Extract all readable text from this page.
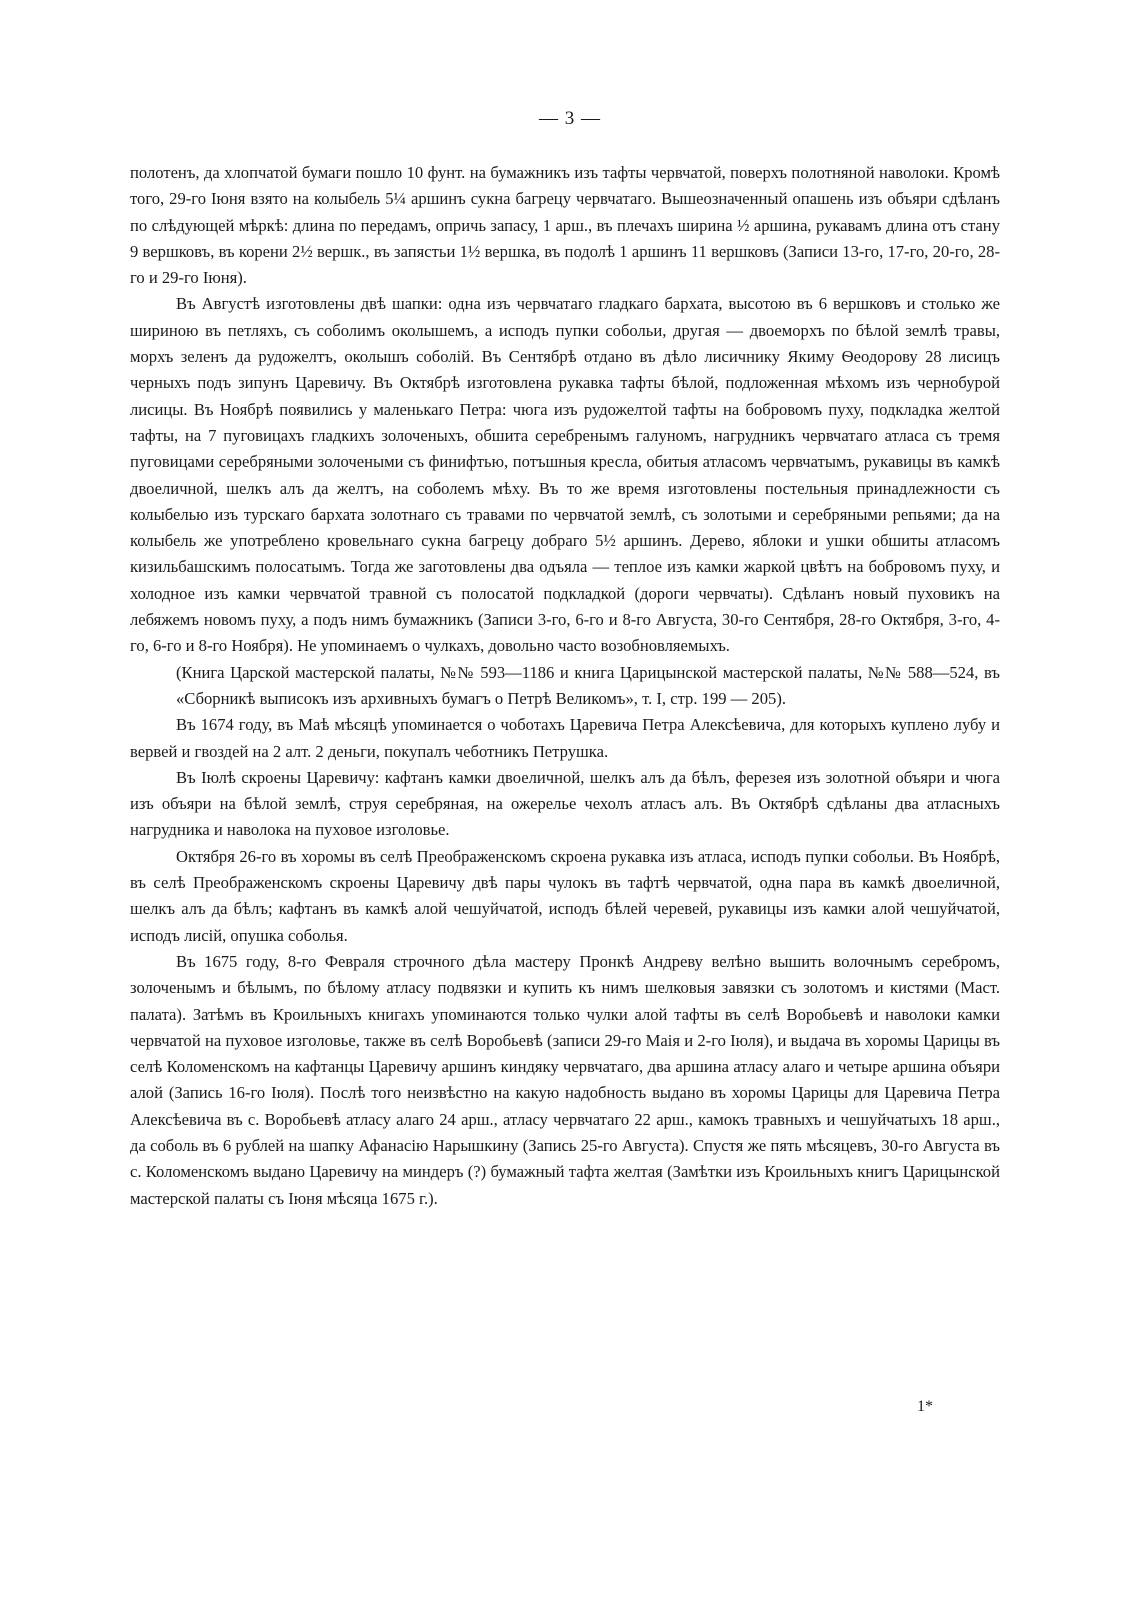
— 3 —

полотенъ, да хлопчатой бумаги пошло 10 фунт. на бумажникъ изъ тафты червчатой, поверхъ полотняной наволоки. Кромѣ того, 29-го Іюня взято на колыбель 5¼ аршинъ сукна багрецу червчатаго. Вышеозначенный опашень изъ объяри сдѣланъ по слѣдующей мѣркѣ: длина по передамъ, опричь запасу, 1 арш., въ плечахъ ширина ½ аршина, рукавамъ длина отъ стану 9 вершковъ, въ корени 2½ вершк., въ запястьи 1½ вершка, въ подолѣ 1 аршинъ 11 вершковъ (Записи 13-го, 17-го, 20-го, 28-го и 29-го Іюня).

Въ Августѣ изготовлены двѣ шапки: одна изъ червчатаго гладкаго бархата, высотою въ 6 вершковъ и столько же шириною въ петляхъ, съ соболимъ околышемъ, а исподъ пупки собольи, другая — двоеморхъ по бѣлой землѣ травы, морхъ зеленъ да рудожелтъ, околышъ соболій. Въ Сентябрѣ отдано въ дѣло лисичнику Якиму Ѳеодорову 28 лисицъ черныхъ подъ зипунъ Царевичу. Въ Октябрѣ изготовлена рукавка тафты бѣлой, подложенная мѣхомъ изъ чернобурой лисицы. Въ Ноябрѣ появились у маленькаго Петра: чюга изъ рудожелтой тафты на бобровомъ пуху, подкладка желтой тафты, на 7 пуговицахъ гладкихъ золоченыхъ, обшита серебренымъ галуномъ, нагрудникъ червчатаго атласа съ тремя пуговицами серебряными золочеными съ финифтью, потъшныя кресла, обитыя атласомъ червчатымъ, рукавицы въ камкѣ двоеличной, шелкъ алъ да желтъ, на соболемъ мѣху. Въ то же время изготовлены постельныя принадлежности съ колыбелью изъ турскаго бархата золотнаго съ травами по червчатой землѣ, съ золотыми и серебряными репьями; да на колыбель же употреблено кровельнаго сукна багрецу добраго 5½ аршинъ. Дерево, яблоки и ушки обшиты атласомъ кизильбашскимъ полосатымъ. Тогда же заготовлены два одъяла — теплое изъ камки жаркой цвѣтъ на бобровомъ пуху, и холодное изъ камки червчатой травной съ полосатой подкладкой (дороги червчаты). Сдѣланъ новый пуховикъ на лебяжемъ новомъ пуху, а подъ нимъ бумажникъ (Записи 3-го, 6-го и 8-го Августа, 30-го Сентября, 28-го Октября, 3-го, 4-го, 6-го и 8-го Ноября). Не упоминаемъ о чулкахъ, довольно часто возобновляемыхъ.

(Книга Царской мастерской палаты, №№ 593—1186 и книга Царицынской мастерской палаты, №№ 588—524, въ «Сборникѣ выписокъ изъ архивныхъ бумагъ о Петрѣ Великомъ», т. I, стр. 199 — 205).

Въ 1674 году, въ Маѣ мѣсяцѣ упоминается о чоботахъ Царевича Петра Алексѣевича, для которыхъ куплено лубу и вервей и гвоздей на 2 алт. 2 деньги, покупалъ чеботникъ Петрушка.

Въ Іюлѣ скроены Царевичу: кафтанъ камки двоеличной, шелкъ алъ да бѣлъ, ферезея изъ золотной объяри и чюга изъ объяри на бѣлой землѣ, струя серебряная, на ожерелье чехолъ атласъ алъ. Въ Октябрѣ сдѣланы два атласныхъ нагрудника и наволока на пуховое изголовье.

Октября 26-го въ хоромы въ селѣ Преображенскомъ скроена рукавка изъ атласа, исподъ пупки собольи. Въ Ноябрѣ, въ селѣ Преображенскомъ скроены Царевичу двѣ пары чулокъ въ тафтѣ червчатой, одна пара въ камкѣ двоеличной, шелкъ алъ да бѣлъ; кафтанъ въ камкѣ алой чешуйчатой, исподъ бѣлей черевей, рукавицы изъ камки алой чешуйчатой, исподъ лисій, опушка соболья.

Въ 1675 году, 8-го Февраля строчного дѣла мастеру Пронкѣ Андреву велѣно вышить волочнымъ серебромъ, золоченымъ и бѣлымъ, по бѣлому атласу подвязки и купить къ нимъ шелковыя завязки съ золотомъ и кистями (Маст. палата). Затѣмъ въ Кроильныхъ книгахъ упоминаются только чулки алой тафты въ селѣ Воробьевѣ и наволоки камки червчатой на пуховое изголовье, также въ селѣ Воробьевѣ (записи 29-го Маія и 2-го Іюля), и выдача въ хоромы Царицы въ селѣ Коломенскомъ на кафтанцы Царевичу аршинъ киндяку червчатаго, два аршина атласу алаго и четыре аршина объяри алой (Запись 16-го Іюля). Послѣ того неизвѣстно на какую надобность выдано въ хоромы Царицы для Царевича Петра Алексѣевича въ с. Воробьевѣ атласу алаго 24 арш., атласу червчатаго 22 арш., камокъ травныхъ и чешуйчатыхъ 18 арш., да соболь въ 6 рублей на шапку Афанасію Нарышкину (Запись 25-го Августа). Спустя же пять мѣсяцевъ, 30-го Августа въ с. Коломенскомъ выдано Царевичу на миндеръ (?) бумажный тафта желтая (Замѣтки изъ Кроильныхъ книгъ Царицынской мастерской палаты съ Іюня мѣсяца 1675 г.).

1*
